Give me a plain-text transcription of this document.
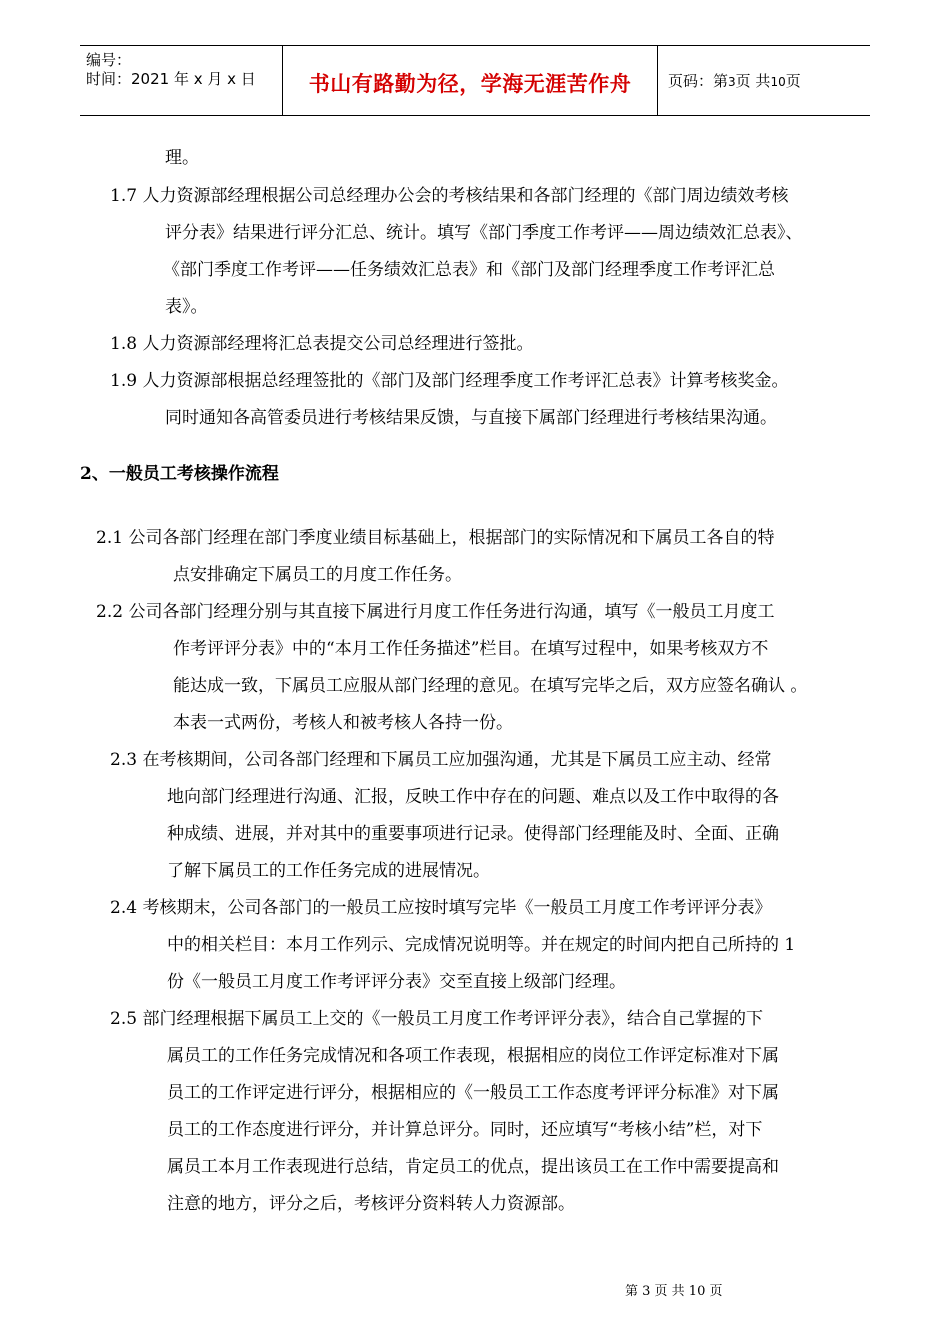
编号：
时间：2021 年 x 月 x 日	书山有路勤为径，学海无涯苦作舟	页码：第3页 共10页
理。
1.7 人力资源部经理根据公司总经理办公会的考核结果和各部门经理的《部门周边绩效考核
评分表》结果进行评分汇总、统计。填写《部门季度工作考评——周边绩效汇总表》、
《部门季度工作考评——任务绩效汇总表》和《部门及部门经理季度工作考评汇总
表》。
1.8 人力资源部经理将汇总表提交公司总经理进行签批。
1.9 人力资源部根据总经理签批的《部门及部门经理季度工作考评汇总表》计算考核奖金。
同时通知各高管委员进行考核结果反馈，与直接下属部门经理进行考核结果沟通。
2、一般员工考核操作流程
2.1 公司各部门经理在部门季度业绩目标基础上，根据部门的实际情况和下属员工各自的特
点安排确定下属员工的月度工作任务。
2.2 公司各部门经理分别与其直接下属进行月度工作任务进行沟通，填写《一般员工月度工
作考评评分表》中的“本月工作任务描述”栏目。在填写过程中，如果考核双方不
能达成一致，下属员工应服从部门经理的意见。在填写完毕之后，双方应签名确认 。
本表一式两份，考核人和被考核人各持一份。
2.3 在考核期间，公司各部门经理和下属员工应加强沟通，尤其是下属员工应主动、经常
地向部门经理进行沟通、汇报，反映工作中存在的问题、难点以及工作中取得的各
种成绩、进展，并对其中的重要事项进行记录。使得部门经理能及时、全面、正确
了解下属员工的工作任务完成的进展情况。
2.4 考核期末，公司各部门的一般员工应按时填写完毕《一般员工月度工作考评评分表》
中的相关栏目：本月工作列示、完成情况说明等。并在规定的时间内把自己所持的 1
份《一般员工月度工作考评评分表》交至直接上级部门经理。
2.5 部门经理根据下属员工上交的《一般员工月度工作考评评分表》，结合自己掌握的下
属员工的工作任务完成情况和各项工作表现，根据相应的岗位工作评定标准对下属
员工的工作评定进行评分，根据相应的《一般员工工作态度考评评分标准》对下属
员工的工作态度进行评分，并计算总评分。同时，还应填写“考核小结”栏，对下
属员工本月工作表现进行总结，肯定员工的优点，提出该员工在工作中需要提高和
注意的地方，评分之后，考核评分资料转人力资源部。
第 3 页 共 10 页
